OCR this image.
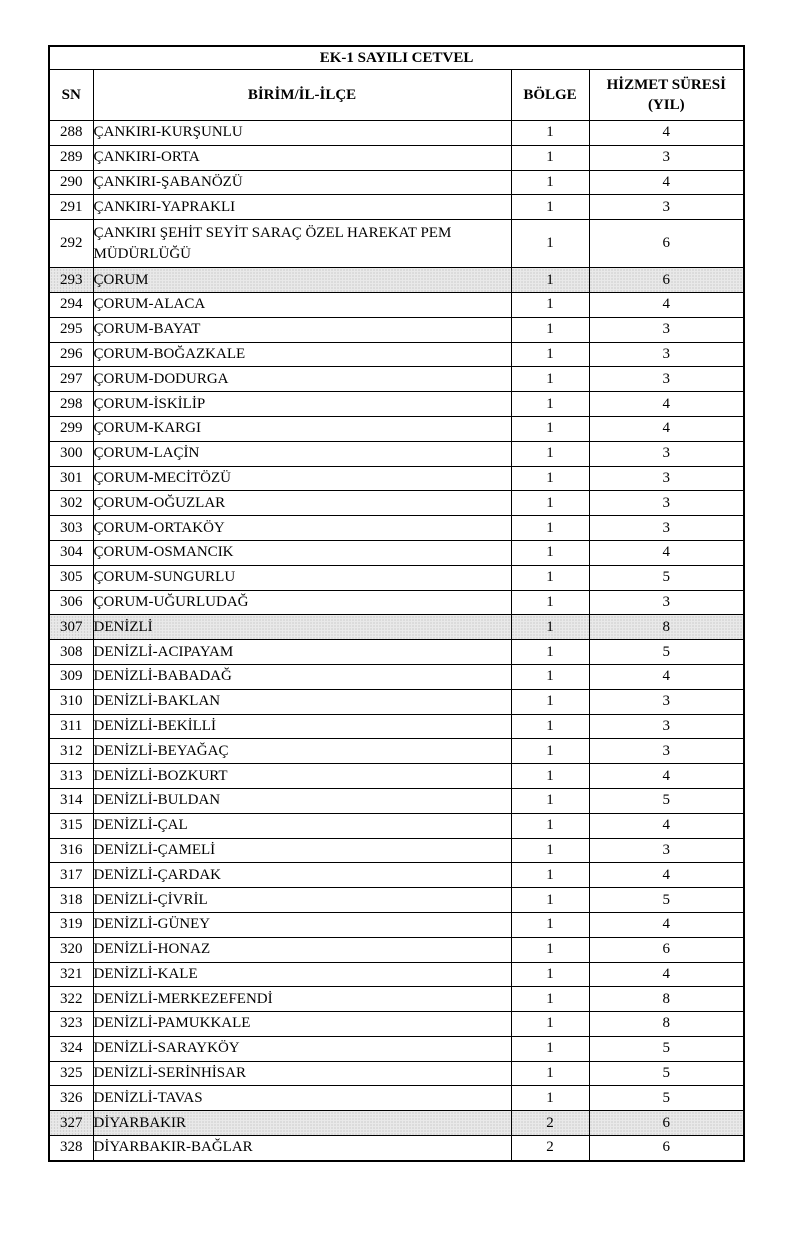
EK-1 SAYILI CETVEL			
SN	BİRİM/İL-İLÇE	BÖLGE	HİZMET SÜRESİ
(YIL)
288	ÇANKIRI-KURŞUNLU	1	4
289	ÇANKIRI-ORTA	1	3
290	ÇANKIRI-ŞABANÖZÜ	1	4
291	ÇANKIRI-YAPRAKLI	1	3
292	ÇANKIRI ŞEHİT SEYİT SARAÇ ÖZEL HAREKAT PEM MÜDÜRLÜĞÜ	1	6
293	ÇORUM	1	6
294	ÇORUM-ALACA	1	4
295	ÇORUM-BAYAT	1	3
296	ÇORUM-BOĞAZKALE	1	3
297	ÇORUM-DODURGA	1	3
298	ÇORUM-İSKİLİP	1	4
299	ÇORUM-KARGI	1	4
300	ÇORUM-LAÇİN	1	3
301	ÇORUM-MECİTÖZÜ	1	3
302	ÇORUM-OĞUZLAR	1	3
303	ÇORUM-ORTAKÖY	1	3
304	ÇORUM-OSMANCIK	1	4
305	ÇORUM-SUNGURLU	1	5
306	ÇORUM-UĞURLUDAĞ	1	3
307	DENİZLİ	1	8
308	DENİZLİ-ACIPAYAM	1	5
309	DENİZLİ-BABADAĞ	1	4
310	DENİZLİ-BAKLAN	1	3
311	DENİZLİ-BEKİLLİ	1	3
312	DENİZLİ-BEYAĞAÇ	1	3
313	DENİZLİ-BOZKURT	1	4
314	DENİZLİ-BULDAN	1	5
315	DENİZLİ-ÇAL	1	4
316	DENİZLİ-ÇAMELİ	1	3
317	DENİZLİ-ÇARDAK	1	4
318	DENİZLİ-ÇİVRİL	1	5
319	DENİZLİ-GÜNEY	1	4
320	DENİZLİ-HONAZ	1	6
321	DENİZLİ-KALE	1	4
322	DENİZLİ-MERKEZEFENDİ	1	8
323	DENİZLİ-PAMUKKALE	1	8
324	DENİZLİ-SARAYKÖY	1	5
325	DENİZLİ-SERİNHİSAR	1	5
326	DENİZLİ-TAVAS	1	5
327	DİYARBAKIR	2	6
328	DİYARBAKIR-BAĞLAR	2	6
